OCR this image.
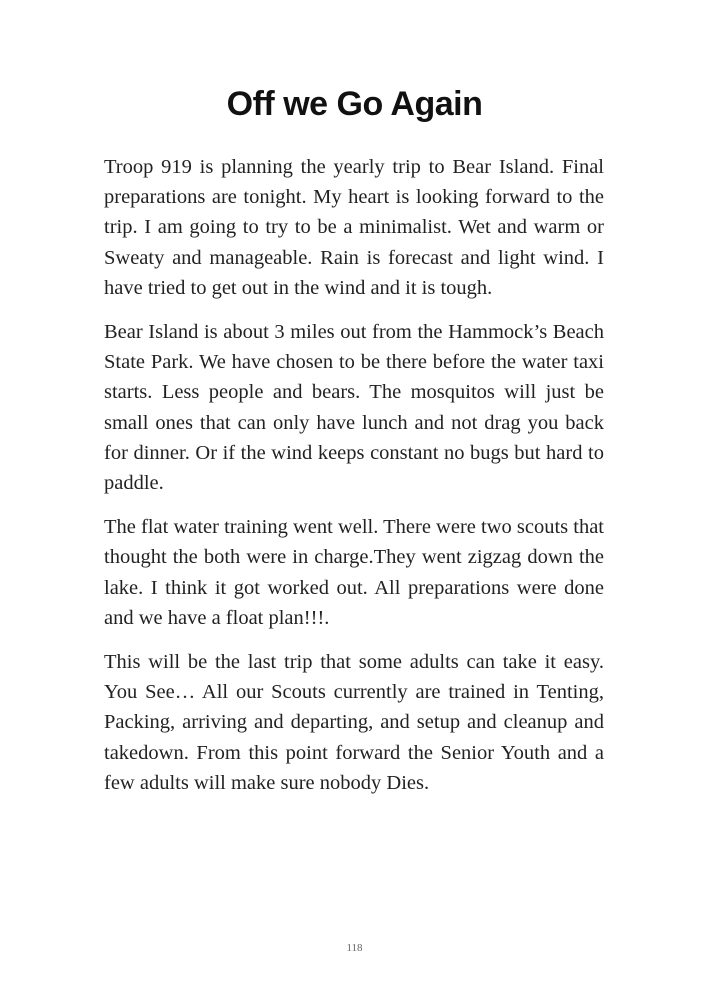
Off we Go Again

Troop 919 is planning the yearly trip to Bear Island. Final preparations are tonight. My heart is looking forward to the trip. I am going to try to be a minimalist. Wet and warm or Sweaty and manageable. Rain is forecast and light wind. I have tried to get out in the wind and it is tough.

Bear Island is about 3 miles out from the Hammock’s Beach State Park. We have chosen to be there before the water taxi starts. Less people and bears. The mosquitos will just be small ones that can only have lunch and not drag you back for dinner. Or if the wind keeps constant no bugs but hard to paddle.

The flat water training went well. There were two scouts that thought the both were in charge.They went zigzag down the lake. I think it got worked out. All preparations were done and we have a float plan!!!.

This will be the last trip that some adults can take it easy. You See… All our Scouts currently are trained in Tenting, Packing, arriving and departing, and setup and cleanup and takedown. From this point forward the Senior Youth and a few adults will make sure nobody Dies.

118
